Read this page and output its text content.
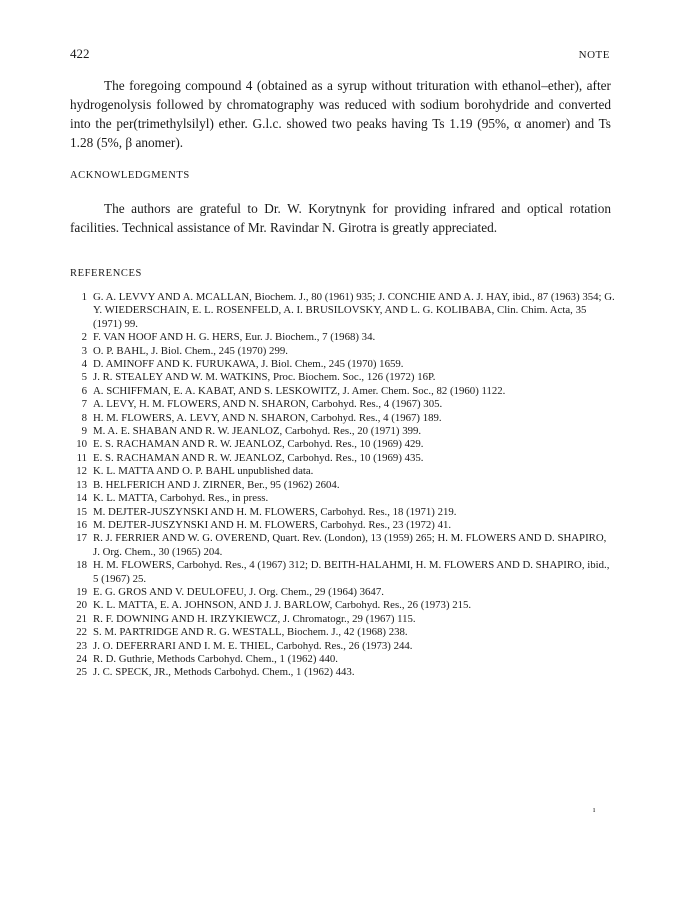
422	NOTE

The foregoing compound 4 (obtained as a syrup without trituration with ethanol–ether), after hydrogenolysis followed by chromatography was reduced with sodium borohydride and converted into the per(trimethylsilyl) ether. G.l.c. showed two peaks having Ts 1.19 (95%, α anomer) and Ts 1.28 (5%, β anomer).

ACKNOWLEDGMENTS

The authors are grateful to Dr. W. Korytnynk for providing infrared and optical rotation facilities. Technical assistance of Mr. Ravindar N. Girotra is greatly appreciated.

REFERENCES
1 G. A. LEVVY AND A. MCALLAN, Biochem. J., 80 (1961) 935; J. CONCHIE AND A. J. HAY, ibid., 87 (1963) 354; G. Y. WIEDERSCHAIN, E. L. ROSENFELD, A. I. BRUSILOVSKY, AND L. G. KOLIBABA, Clin. Chim. Acta, 35 (1971) 99.
2 F. VAN HOOF AND H. G. HERS, Eur. J. Biochem., 7 (1968) 34.
3 O. P. BAHL, J. Biol. Chem., 245 (1970) 299.
4 D. AMINOFF AND K. FURUKAWA, J. Biol. Chem., 245 (1970) 1659.
5 J. R. STEALEY AND W. M. WATKINS, Proc. Biochem. Soc., 126 (1972) 16P.
6 A. SCHIFFMAN, E. A. KABAT, AND S. LESKOWITZ, J. Amer. Chem. Soc., 82 (1960) 1122.
7 A. LEVY, H. M. FLOWERS, AND N. SHARON, Carbohyd. Res., 4 (1967) 305.
8 H. M. FLOWERS, A. LEVY, AND N. SHARON, Carbohyd. Res., 4 (1967) 189.
9 M. A. E. SHABAN AND R. W. JEANLOZ, Carbohyd. Res., 20 (1971) 399.
10 E. S. RACHAMAN AND R. W. JEANLOZ, Carbohyd. Res., 10 (1969) 429.
11 E. S. RACHAMAN AND R. W. JEANLOZ, Carbohyd. Res., 10 (1969) 435.
12 K. L. MATTA AND O. P. BAHL unpublished data.
13 B. HELFERICH AND J. ZIRNER, Ber., 95 (1962) 2604.
14 K. L. MATTA, Carbohyd. Res., in press.
15 M. DEJTER-JUSZYNSKI AND H. M. FLOWERS, Carbohyd. Res., 18 (1971) 219.
16 M. DEJTER-JUSZYNSKI AND H. M. FLOWERS, Carbohyd. Res., 23 (1972) 41.
17 R. J. FERRIER AND W. G. OVEREND, Quart. Rev. (London), 13 (1959) 265; H. M. FLOWERS AND D. SHAPIRO, J. Org. Chem., 30 (1965) 204.
18 H. M. FLOWERS, Carbohyd. Res., 4 (1967) 312; D. BEITH-HALAHMI, H. M. FLOWERS AND D. SHAPIRO, ibid., 5 (1967) 25.
19 E. G. GROS AND V. DEULOFEU, J. Org. Chem., 29 (1964) 3647.
20 K. L. MATTA, E. A. JOHNSON, AND J. J. BARLOW, Carbohyd. Res., 26 (1973) 215.
21 R. F. DOWNING AND H. IRZYKIEWCZ, J. Chromatogr., 29 (1967) 115.
22 S. M. PARTRIDGE AND R. G. WESTALL, Biochem. J., 42 (1968) 238.
23 J. O. DEFERRARI AND I. M. E. THIEL, Carbohyd. Res., 26 (1973) 244.
24 R. D. Guthrie, Methods Carbohyd. Chem., 1 (1962) 440.
25 J. C. SPECK, JR., Methods Carbohyd. Chem., 1 (1962) 443.
ı
